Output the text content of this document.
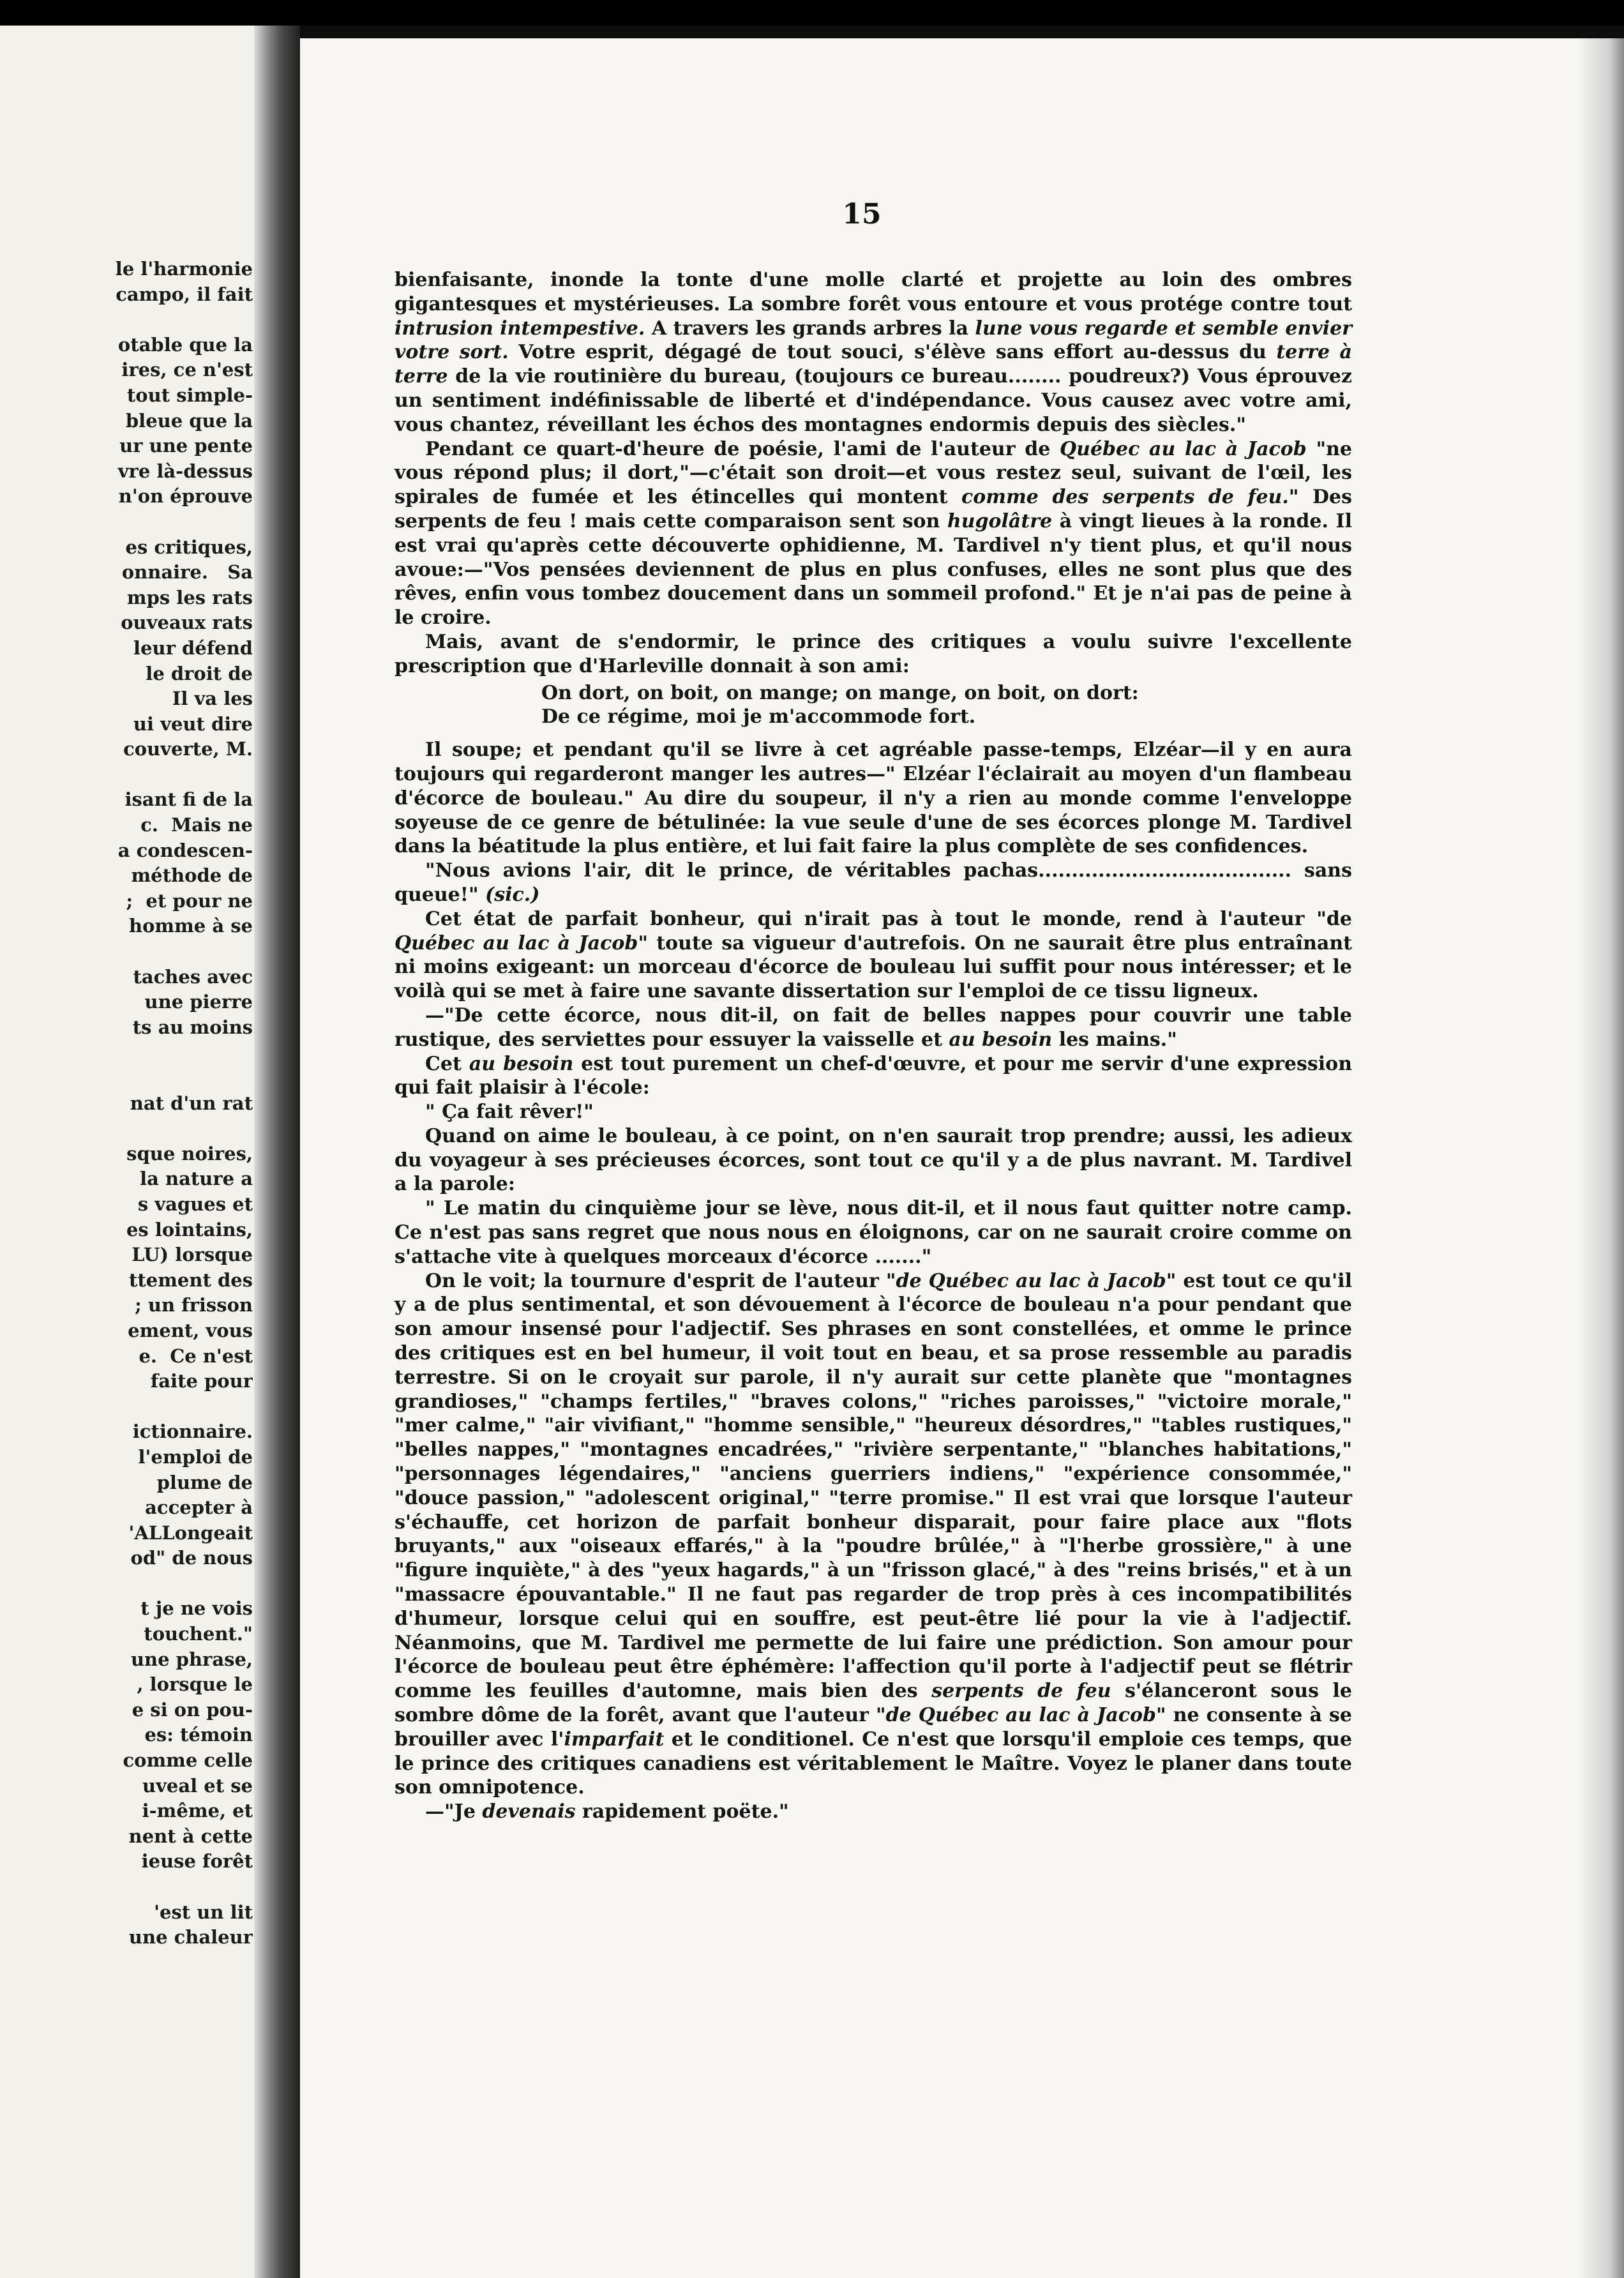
le l'harmonie
campo, il fait
otable que la
ires, ce n'est
tout simple-
bleue que la
ur une pente
vre là-dessus
n'on éprouve
es critiques,
onnaire.   Sa
mps les rats
ouveaux rats
leur défend
le droit de
Il va les
ui veut dire
couverte, M.
isant fi de la
c.  Mais ne
a condescen-
méthode de
;  et pour ne
homme à se
taches avec
une pierre
ts au moins
nat d'un rat
sque noires,
la nature a
s vagues et
es lointains,
LU) lorsque
ttement des
; un frisson
ement, vous
e.  Ce n'est
faite pour
ictionnaire.
l'emploi de
plume de
accepter à
'ALLongeait
od" de nous
t je ne vois
touchent."
une phrase,
, lorsque le
e si on pou-
es: témoin
comme celle
uveal et se
i-même, et
nent à cette
ieuse forêt
'est un lit
une chaleur
15

bienfaisante, inonde la tonte d'une molle clarté et projette au loin des ombres gigantesques et mystérieuses. La sombre forêt vous entoure et vous protége contre tout intrusion intempestive. A travers les grands arbres la lune vous regarde et semble envier votre sort. Votre esprit, dégagé de tout souci, s'élève sans effort au-dessus du terre à terre de la vie routinière du bureau, (toujours ce bureau........ poudreux?) Vous éprouvez un sentiment indéfinissable de liberté et d'indépendance. Vous causez avec votre ami, vous chantez, réveillant les échos des montagnes endormis depuis des siècles."

Pendant ce quart-d'heure de poésie, l'ami de l'auteur de Québec au lac à Jacob "ne vous répond plus; il dort,"—c'était son droit—et vous restez seul, suivant de l'œil, les spirales de fumée et les étincelles qui montent comme des serpents de feu." Des serpents de feu ! mais cette comparaison sent son hugolâtre à vingt lieues à la ronde. Il est vrai qu'après cette découverte ophidienne, M. Tardivel n'y tient plus, et qu'il nous avoue:—"Vos pensées deviennent de plus en plus confuses, elles ne sont plus que des rêves, enfin vous tombez doucement dans un sommeil profond." Et je n'ai pas de peine à le croire.

Mais, avant de s'endormir, le prince des critiques a voulu suivre l'excellente prescription que d'Harleville donnait à son ami:

On dort, on boit, on mange; on mange, on boit, on dort:
De ce régime, moi je m'accommode fort.

Il soupe; et pendant qu'il se livre à cet agréable passe-temps, Elzéar—il y en aura toujours qui regarderont manger les autres—" Elzéar l'éclairait au moyen d'un flambeau d'écorce de bouleau." Au dire du soupeur, il n'y a rien au monde comme l'enveloppe soyeuse de ce genre de bétulinée: la vue seule d'une de ses écorces plonge M. Tardivel dans la béatitude la plus entière, et lui fait faire la plus complète de ses confidences.

"Nous avions l'air, dit le prince, de véritables pachas...................................... sans queue!" (sic.)

Cet état de parfait bonheur, qui n'irait pas à tout le monde, rend à l'auteur "de Québec au lac à Jacob" toute sa vigueur d'autrefois. On ne saurait être plus entraînant ni moins exigeant: un morceau d'écorce de bouleau lui suffit pour nous intéresser; et le voilà qui se met à faire une savante dissertation sur l'emploi de ce tissu ligneux.

—"De cette écorce, nous dit-il, on fait de belles nappes pour couvrir une table rustique, des serviettes pour essuyer la vaisselle et au besoin les mains."

Cet au besoin est tout purement un chef-d'œuvre, et pour me servir d'une expression qui fait plaisir à l'école:

" Ça fait rêver!"

Quand on aime le bouleau, à ce point, on n'en saurait trop prendre; aussi, les adieux du voyageur à ses précieuses écorces, sont tout ce qu'il y a de plus navrant. M. Tardivel a la parole:

" Le matin du cinquième jour se lève, nous dit-il, et il nous faut quitter notre camp. Ce n'est pas sans regret que nous nous en éloignons, car on ne saurait croire comme on s'attache vite à quelques morceaux d'écorce ......."

On le voit; la tournure d'esprit de l'auteur "de Québec au lac à Jacob" est tout ce qu'il y a de plus sentimental, et son dévouement à l'écorce de bouleau n'a pour pendant que son amour insensé pour l'adjectif. Ses phrases en sont constellées, et omme le prince des critiques est en bel humeur, il voit tout en beau, et sa prose ressemble au paradis terrestre. Si on le croyait sur parole, il n'y aurait sur cette planète que "montagnes grandioses," "champs fertiles," "braves colons," "riches paroisses," "victoire morale," "mer calme," "air vivifiant," "homme sensible," "heureux désordres," "tables rustiques," "belles nappes," "montagnes encadrées," "rivière serpentante," "blanches habitations," "personnages légendaires," "anciens guerriers indiens," "expérience consommée," "douce passion," "adolescent original," "terre promise." Il est vrai que lorsque l'auteur s'échauffe, cet horizon de parfait bonheur disparait, pour faire place aux "flots bruyants," aux "oiseaux effarés," à la "poudre brûlée," à "l'herbe grossière," à une "figure inquiète," à des "yeux hagards," à un "frisson glacé," à des "reins brisés," et à un "massacre épouvantable." Il ne faut pas regarder de trop près à ces incompatibilités d'humeur, lorsque celui qui en souffre, est peut-être lié pour la vie à l'adjectif. Néanmoins, que M. Tardivel me permette de lui faire une prédiction. Son amour pour l'écorce de bouleau peut être éphémère: l'affection qu'il porte à l'adjectif peut se flétrir comme les feuilles d'automne, mais bien des serpents de feu s'élanceront sous le sombre dôme de la forêt, avant que l'auteur "de Québec au lac à Jacob" ne consente à se brouiller avec l'imparfait et le conditionel. Ce n'est que lorsqu'il emploie ces temps, que le prince des critiques canadiens est véritablement le Maître. Voyez le planer dans toute son omnipotence.

—"Je devenais rapidement poëte."
